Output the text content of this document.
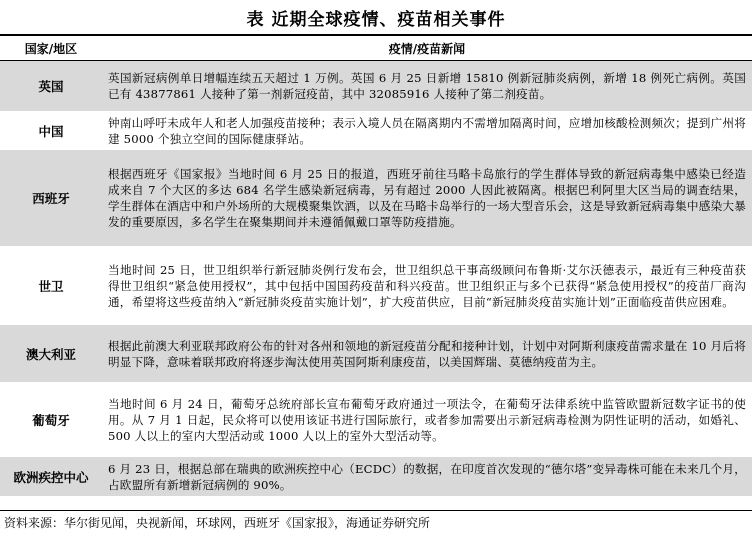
表 近期全球疫情、疫苗相关事件
国家/地区	疫情/疫苗新闻
英国	英国新冠病例单日增幅连续五天超过 1 万例。英国 6 月 25 日新增 15810 例新冠肺炎病例，新增 18 例死亡病例。英国已有 43877861 人接种了第一剂新冠疫苗，其中 32085916 人接种了第二剂疫苗。
中国	钟南山呼吁未成年人和老人加强疫苗接种；表示入境人员在隔离期内不需增加隔离时间，应增加核酸检测频次；提到广州将建 5000 个独立空间的国际健康驿站。
西班牙	根据西班牙《国家报》当地时间 6 月 25 日的报道，西班牙前往马略卡岛旅行的学生群体导致的新冠病毒集中感染已经造成来自 7 个大区的多达 684 名学生感染新冠病毒，另有超过 2000 人因此被隔离。根据巴利阿里大区当局的调查结果，学生群体在酒店中和户外场所的大规模聚集饮酒，以及在马略卡岛举行的一场大型音乐会，这是导致新冠病毒集中感染大暴发的重要原因，多名学生在聚集期间并未遵循佩戴口罩等防疫措施。
世卫	当地时间 25 日，世卫组织举行新冠肺炎例行发布会，世卫组织总干事高级顾问布鲁斯·艾尔沃德表示，最近有三种疫苗获得世卫组织“紧急使用授权”，其中包括中国国药疫苗和科兴疫苗。世卫组织正与多个已获得“紧急使用授权”的疫苗厂商沟通，希望将这些疫苗纳入“新冠肺炎疫苗实施计划”，扩大疫苗供应，目前“新冠肺炎疫苗实施计划”正面临疫苗供应困难。
澳大利亚	根据此前澳大利亚联邦政府公布的针对各州和领地的新冠疫苗分配和接种计划，计划中对阿斯利康疫苗需求量在 10 月后将明显下降，意味着联邦政府将逐步淘汰使用英国阿斯利康疫苗，以美国辉瑞、莫德纳疫苗为主。
葡萄牙	当地时间 6 月 24 日，葡萄牙总统府部长宣布葡萄牙政府通过一项法令，在葡萄牙法律系统中监管欧盟新冠数字证书的使用。从 7 月 1 日起，民众将可以使用该证书进行国际旅行，或者参加需要出示新冠病毒检测为阴性证明的活动，如婚礼、500 人以上的室内大型活动或 1000 人以上的室外大型活动等。
欧洲疾控中心	6 月 23 日，根据总部在瑞典的欧洲疾控中心（ECDC）的数据，在印度首次发现的“德尔塔”变异毒株可能在未来几个月，占欧盟所有新增新冠病例的 90%。
资料来源：华尔街见闻，央视新闻，环球网，西班牙《国家报》，海通证券研究所
